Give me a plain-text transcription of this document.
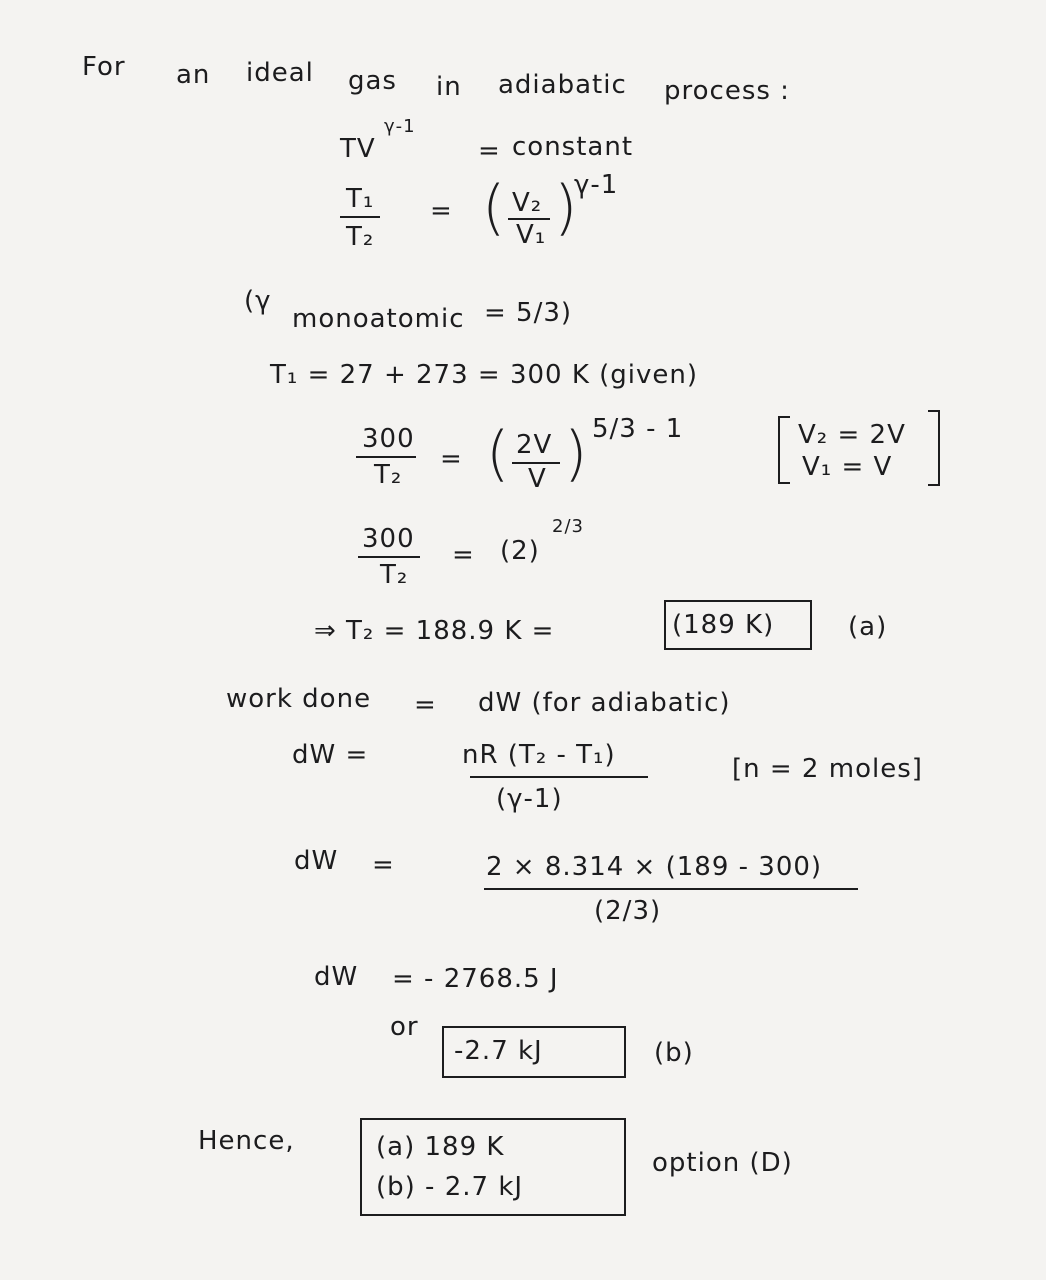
For an ideal gas in adiabatic process :
TV
γ-1
= constant
T₁
T₂
= ( V₂
V₁ )
γ-1
(γ
monoatomic = 5/3)
T₁ = 27 + 273 = 300 K (given)
300
T₂
= ( 2V
V ) 5/3 - 1	V₂ = 2V
V₁ = V
300
T₂
= (2)
2/3
⇒ T₂ = 188.9 K =	(189 K)	(a)
work done = dW (for adiabatic)
dW =	nR (T₂ - T₁)
(γ-1)
[n = 2 moles]
dW =	2 × 8.314 × (189 - 300)
(2/3)
dW = - 2768.5 J
or
-2.7 kJ	(b)
Hence,	(a) 189 K
(b) - 2.7 kJ
option (D)
